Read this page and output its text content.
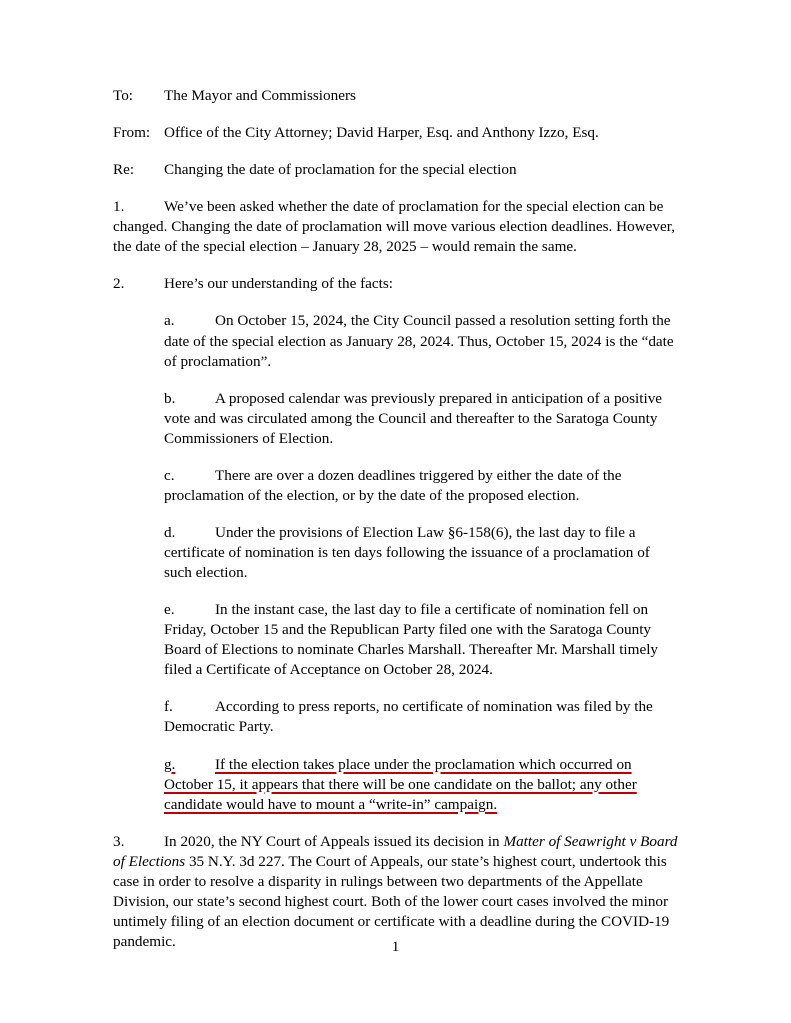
To: The Mayor and Commissioners

From: Office of the City Attorney; David Harper, Esq. and Anthony Izzo, Esq.

Re: Changing the date of proclamation for the special election

1.	We’ve been asked whether the date of proclamation for the special election can be changed. Changing the date of proclamation will move various election deadlines. However, the date of the special election – January 28, 2025 – would remain the same.

2.	Here’s our understanding of the facts:

a.	On October 15, 2024, the City Council passed a resolution setting forth the date of the special election as January 28, 2024. Thus, October 15, 2024 is the “date of proclamation”.

b.	A proposed calendar was previously prepared in anticipation of a positive vote and was circulated among the Council and thereafter to the Saratoga County Commissioners of Election.

c.	There are over a dozen deadlines triggered by either the date of the proclamation of the election, or by the date of the proposed election.

d.	Under the provisions of Election Law §6-158(6), the last day to file a certificate of nomination is ten days following the issuance of a proclamation of such election.

e.	In the instant case, the last day to file a certificate of nomination fell on Friday, October 15 and the Republican Party filed one with the Saratoga County Board of Elections to nominate Charles Marshall. Thereafter Mr. Marshall timely filed a Certificate of Acceptance on October 28, 2024.

f.	According to press reports, no certificate of nomination was filed by the Democratic Party.

g.	If the election takes place under the proclamation which occurred on October 15, it appears that there will be one candidate on the ballot; any other candidate would have to mount a “write-in” campaign.

3.	In 2020, the NY Court of Appeals issued its decision in Matter of Seawright v Board of Elections 35 N.Y. 3d 227. The Court of Appeals, our state’s highest court, undertook this case in order to resolve a disparity in rulings between two departments of the Appellate Division, our state’s second highest court. Both of the lower court cases involved the minor untimely filing of an election document or certificate with a deadline during the COVID-19 pandemic.	1
